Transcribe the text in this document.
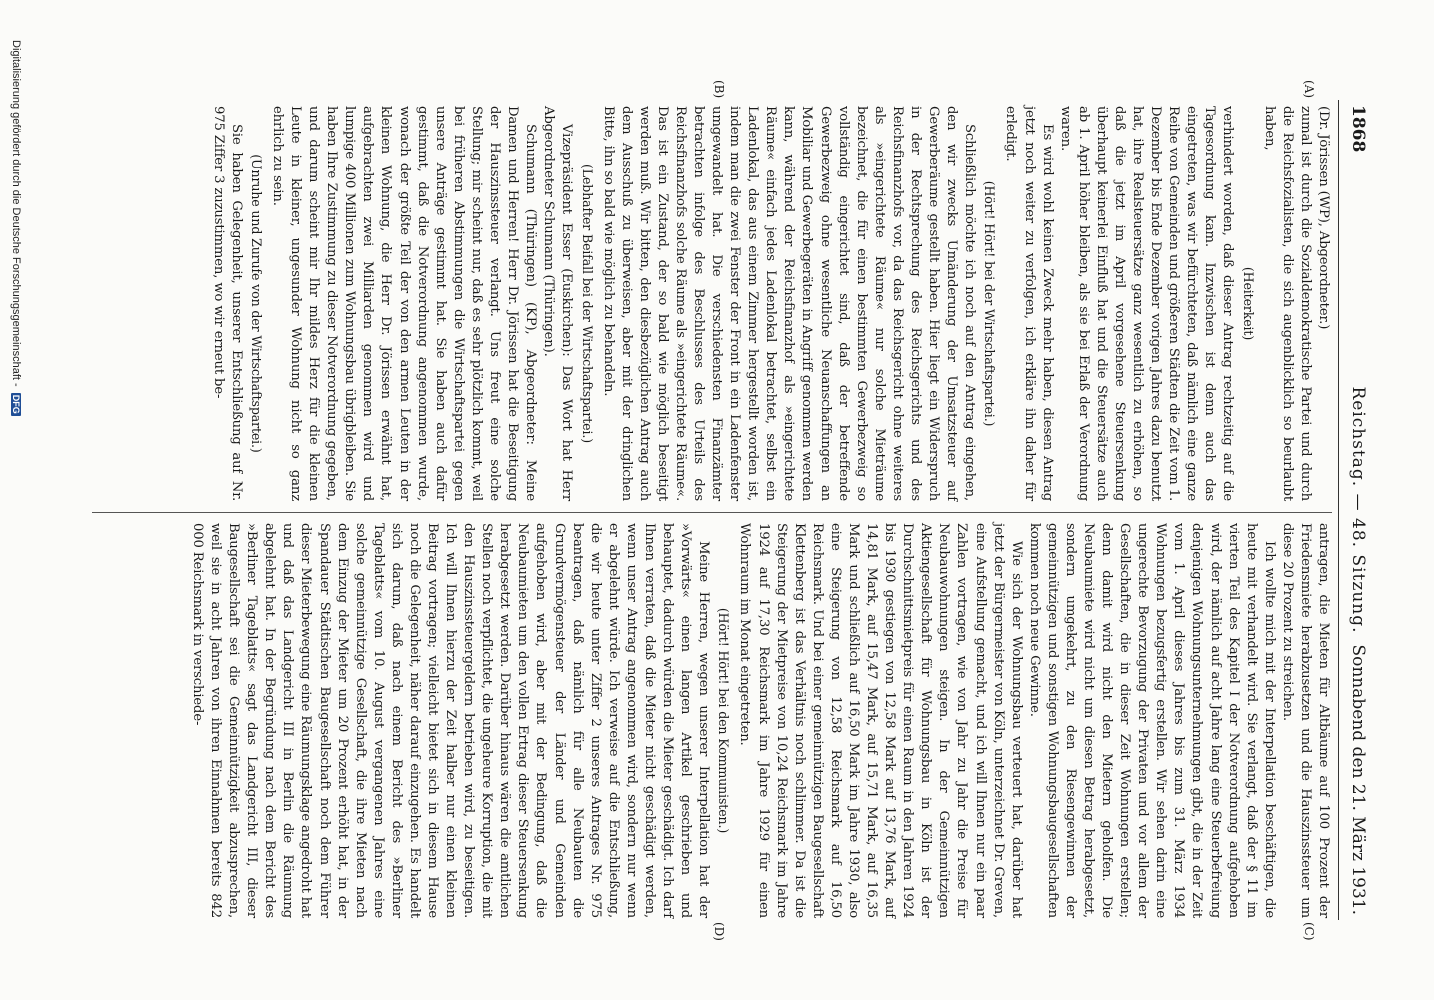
1868
Reichstag. — 48. Sitzung.
Sonnabend den 21. März 1931.
(A)
(B)
(C)
(D)

(Dr. Jörissen (WP), Abgeordneter.)

zumal ist durch die Sozialdemokratische Partei und durch die Reichsfozialisten, die sich augenblicklich so beurlaubt haben,

(Heiterkeit)

verhindert worden, daß dieser Antrag rechtzeitig auf die Tagesordnung kam. Inzwischen ist denn auch das eingetreten, was wir befürchteten, daß nämlich eine ganze Reihe von Gemeinden und größeren Städten die Zeit vom 1. Dezember bis Ende Dezember vorigen Jahres dazu benutzt hat, ihre Realsteuersätze ganz wesentlich zu erhöhen, so daß die jetzt im April vorgesehene Steuersenkung überhaupt keinerlei Einfluß hat und die Steuersätze auch ab 1. April höher bleiben, als sie bei Erlaß der Verordnung waren.

Es wird wohl keinen Zweck mehr haben, diesen Antrag jetzt noch weiter zu verfolgen, ich erkläre ihn daher für erledigt.

(Hört! Hört! bei der Wirtschaftspartei.)

Schließlich möchte ich noch auf den Antrag eingehen, den wir zwecks Umänderung der Umsatzsteuer auf Gewerberäume gestellt haben. Hier liegt ein Widerspruch in der Rechtsprechung des Reichsgerichts und des Reichsfinanzhofs vor, da das Reichsgericht ohne weiteres als »eingerichtete Räume« nur solche Mieträume bezeichnet, die für einen bestimmten Gewerbezweig so vollständig eingerichtet sind, daß der betreffende Gewerbezweig ohne wesentliche Neuanschaffungen an Mobiliar und Gewerbegeräten in Angriff genommen werden kann, während der Reichsfinanzhof als »eingerichtete Räume« einfach jedes Ladenlokal betrachtet, selbst ein Ladenlokal, das aus einem Zimmer hergestellt worden ist, indem man die zwei Fenster der Front in ein Ladenfenster umgewandelt hat. Die verschiedensten Finanzämter betrachten infolge des Beschlusses des Urteils des Reichsfinanzhofs solche Räume als »eingerichtete Räume«. Das ist ein Zustand, der so bald wie möglich beseitigt werden muß. Wir bitten, den diesbezüglichen Antrag auch dem Ausschuß zu überweisen, aber mit der dringlichen Bitte, ihn so bald wie möglich zu behandeln.

(Lebhafter Beifall bei der Wirtschaftspartei.)

Vizepräsident Esser (Euskirchen): Das Wort hat Herr Abgeordneter Schumann (Thüringen).

Schumann (Thüringen) (KP), Abgeordneter: Meine Damen und Herren! Herr Dr. Jörissen hat die Beseitigung der Hauszinssteuer verlangt. Uns freut eine solche Stellung; mir scheint nur, daß es sehr plötzlich kommt, weil bei früheren Abstimmungen die Wirtschaftspartei gegen unsere Anträge gestimmt hat. Sie haben auch dafür gestimmt, daß die Notverordnung angenommen wurde, wonach der größte Teil der von den armen Leuten in der kleinen Wohnung, die Herr Dr. Jörissen erwähnt hat, aufgebrachten zwei Milliarden genommen wird und lumpige 400 Millionen zum Wohnungsbau übrigbleiben. Sie haben Ihre Zustimmung zu dieser Notverordnung gegeben, und darum scheint mir Ihr mildes Herz für die kleinen Leute in kleiner, ungesunder Wohnung nicht so ganz ehrlich zu sein.

(Unruhe und Zurufe von der Wirtschaftspartei.)

Sie haben Gelegenheit, unserer Entschließung auf Nr. 975 Ziffer 3 zuzustimmen, wo wir erneut be-

antragen, die Mieten für Altbäume auf 100 Prozent der Friedensmiete herabzusetzen und die Hauszinssteuer um diese 20 Prozent zu streichen.

Ich wollte mich mit der Interpellation beschäftigen, die heute mit verhandelt wird. Sie verlangt, daß der § 11 im vierten Teil des Kapitel I der Notverordnung aufgehoben wird, der nämlich auf acht Jahre lang eine Steuerbefreiung denjenigen Wohnungsunternehmungen gibt, die in der Zeit vom 1. April dieses Jahres bis zum 31. März 1934 Wohnungen bezugsfertig erstellen. Wir sehen darin eine ungerechte Bevorzugung der Privaten und vor allem der Gesellschaften, die in dieser Zeit Wohnungen erstellen; denn damit wird nicht den Mietern geholfen. Die Neubaumiete wird nicht um diesen Betrag herabgesetzt, sondern umgekehrt, zu den Riesengewinnen der gemeinnützigen und sonstigen Wohnungsbaugesellschaften kommen noch neue Gewinne.

Wie sich der Wohnungsbau verteuert hat, darüber hat jetzt der Bürgermeister von Köln, unterzeichnet Dr. Greven, eine Aufstellung gemacht, und ich will Ihnen nur ein paar Zahlen vortragen, wie von Jahr zu Jahr die Preise für Neubauwohnungen steigen. In der Gemeinnützigen Aktiengesellschaft für Wohnungsbau in Köln ist der Durchschnittsmietpreis für einen Raum in den Jahren 1924 bis 1930 gestiegen von 12,58 Mark auf 13,76 Mark, auf 14,81 Mark, auf 15,47 Mark, auf 15,71 Mark, auf 16,35 Mark und schließlich auf 16,50 Mark im Jahre 1930, also eine Steigerung von 12,58 Reichsmark auf 16,50 Reichsmark. Und bei einer gemeinnützigen Baugesellschaft Klettenberg ist das Verhältnis noch schlimmer. Da ist die Steigerung der Mietpreise von 10,24 Reichsmark im Jahre 1924 auf 17,30 Reichsmark im Jahre 1929 für einen Wohnraum im Monat eingetreten.

(Hört! Hört! bei den Kommunisten.)

Meine Herren, wegen unserer Interpellation hat der »Vorwärts« einen langen Artikel geschrieben und behauptet, dadurch würden die Mieter geschädigt. Ich darf Ihnen verraten, daß die Mieter nicht geschädigt werden, wenn unser Antrag angenommen wird, sondern nur wenn er abgelehnt würde. Ich verweise auf die Entschließung, die wir heute unter Ziffer 2 unseres Antrages Nr. 975 beantragen, daß nämlich für alle Neubauten die Grundvermögensteuer der Länder und Gemeinden aufgehoben wird, aber mit der Bedingung, daß die Neubaumieten um den vollen Ertrag dieser Steuersenkung herabgesetzt werden. Darüber hinaus wären die amtlichen Stellen noch verpflichtet, die ungeheure Korruption, die mit den Hauszinssteuergeldern betrieben wird, zu beseitigen. Ich will Ihnen hierzu der Zeit halber nur einen kleinen Beitrag vortragen; vielleicht bietet sich in diesem Hause noch die Gelegenheit, näher darauf einzugehen. Es handelt sich darum, daß nach einem Bericht des »Berliner Tageblatts« vom 10. August vergangenen Jahres eine solche gemeinnützige Gesellschaft, die ihre Mieten nach dem Einzug der Mieter um 20 Prozent erhöht hat, in der Spandauer Städtischen Baugesellschaft noch dem Führer dieser Mieterbewegung eine Räumungsklage angedroht hat und daß das Landgericht III in Berlin die Räumung abgelehnt hat. In der Begründung nach dem Bericht des »Berliner Tageblatts« sagt das Landgericht III, dieser Baugesellschaft sei die Gemeinnützigkeit abzusprechen, weil sie in acht Jahren von ihren Einnahmen bereits 842 000 Reichsmark in verschiede-

Digitalisierung gefördert durch die Deutsche Forschungsgemeinschaft - DFG
